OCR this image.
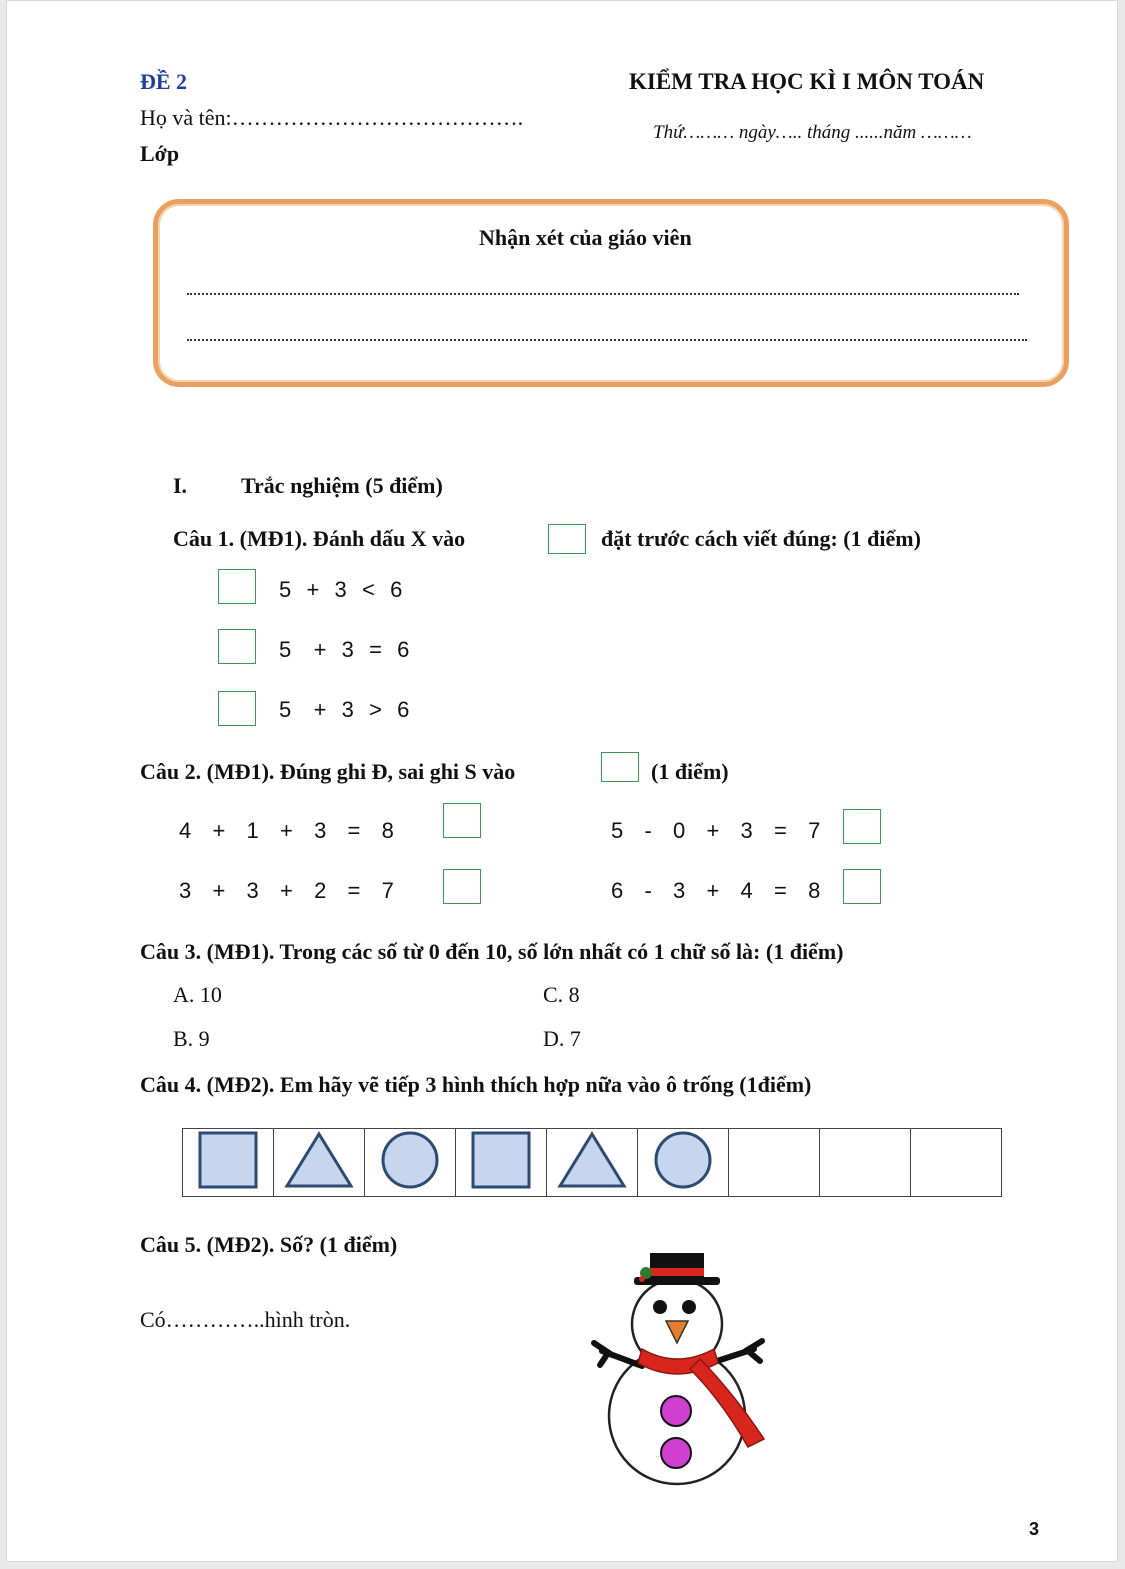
ĐỀ 2	KIỂM TRA HỌC KÌ I MÔN TOÁN
Họ và tên:………………………………….
Thứ……… ngày….. tháng ......năm ………
Lớp
Nhận xét của giáo viên
I. Trắc nghiệm (5 điểm)
Câu 1. (MĐ1). Đánh dấu X vào	đặt trước cách viết đúng: (1 điểm)
5  +  3  <  6
5   +  3  =  6
5   +  3  >  6
Câu 2. (MĐ1). Đúng ghi Đ, sai ghi S vào	(1 điểm)
4  +  1  +  3  =  8	5  -  0  +  3  =  7
3  +  3  +  2  =  7	6  -  3  +  4  =  8
Câu 3. (MĐ1). Trong các số từ 0 đến 10, số lớn nhất có 1 chữ số là: (1 điểm)
A. 10	C. 8
B. 9	D. 7
Câu 4. (MĐ2). Em hãy vẽ tiếp 3 hình thích hợp nữa vào ô trống (1điểm)

Câu 5. (MĐ2). Số? (1 điểm)
Có…………..hình tròn.
3
